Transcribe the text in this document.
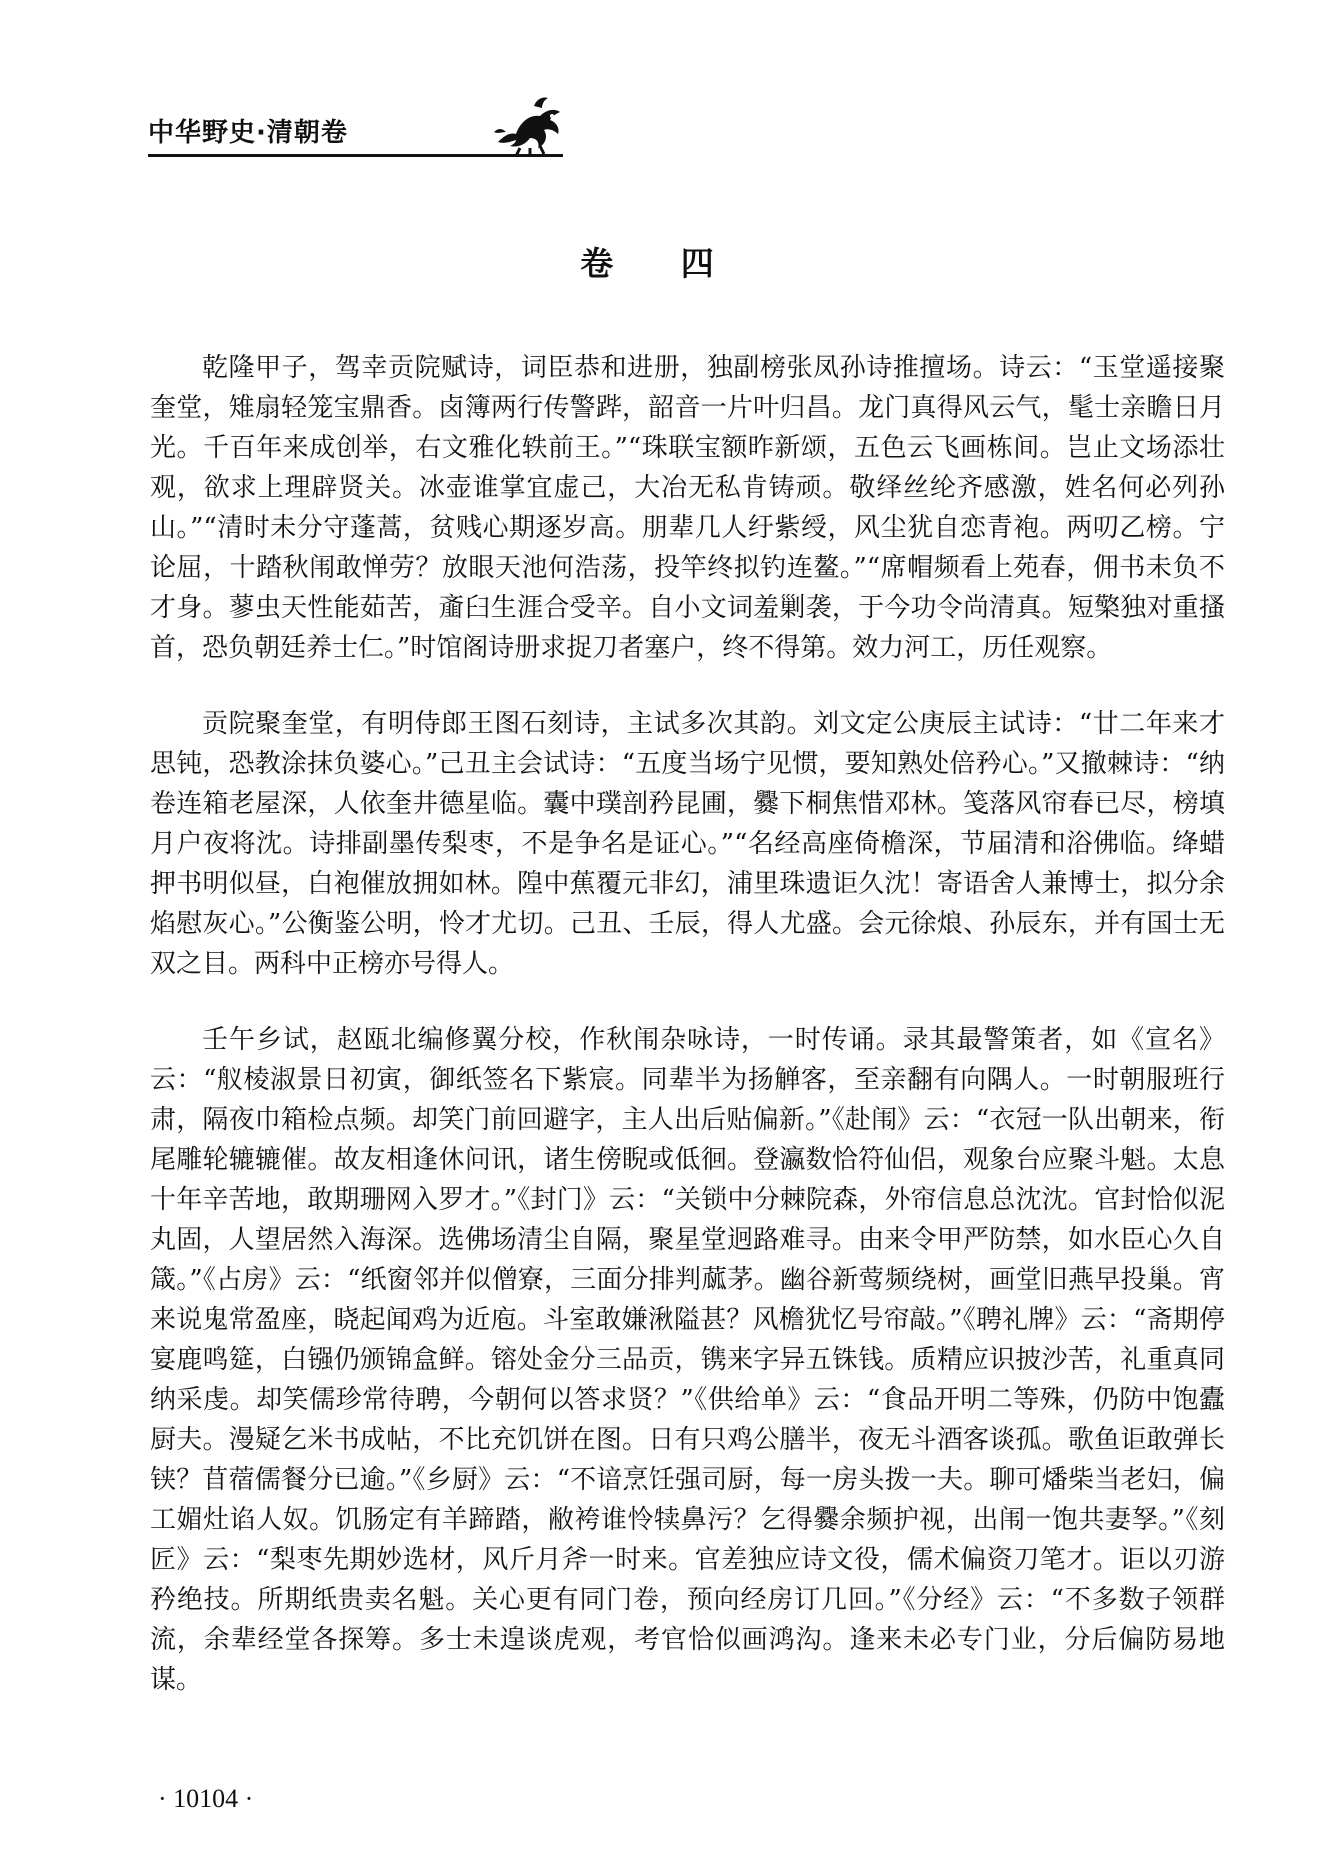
中华野史·清朝卷
卷 四

乾隆甲子，驾幸贡院赋诗，词臣恭和进册，独副榜张凤孙诗推擅场。诗云：“玉堂遥接聚奎堂，雉扇轻笼宝鼎香。卤簿两行传警跸，韶音一片叶归昌。龙门真得风云气，髦士亲瞻日月光。千百年来成创举，右文雅化轶前王。”“珠联宝额昨新颂，五色云飞画栋间。岂止文场添壮观，欲求上理辟贤关。冰壶谁掌宜虚己，大冶无私肯铸顽。敬绎丝纶齐感激，姓名何必列孙山。”“清时未分守蓬蒿，贫贱心期逐岁高。朋辈几人纡紫绶，风尘犹自恋青袍。两叨乙榜。宁论屈，十踏秋闱敢惮劳？放眼天池何浩荡，投竿终拟钓连鳌。”“席帽频看上苑春，佣书未负不才身。蓼虫天性能茹苦，齑臼生涯合受辛。自小文词羞剿袭，于今功令尚清真。短檠独对重搔首，恐负朝廷养士仁。”时馆阁诗册求捉刀者塞户，终不得第。效力河工，历任观察。

贡院聚奎堂，有明侍郎王图石刻诗，主试多次其韵。刘文定公庚辰主试诗：“廿二年来才思钝，恐教涂抹负婆心。”己丑主会试诗：“五度当场宁见惯，要知熟处倍矜心。”又撤棘诗：“纳卷连箱老屋深，人依奎井德星临。囊中璞剖矜昆圃，爨下桐焦惜邓林。笺落风帘春已尽，榜填月户夜将沈。诗排副墨传梨枣，不是争名是证心。”“名经高座倚檐深，节届清和浴佛临。绛蜡押书明似昼，白袍催放拥如林。隍中蕉覆元非幻，浦里珠遗讵久沈！寄语舍人兼博士，拟分余焰慰灰心。”公衡鉴公明，怜才尤切。己丑、壬辰，得人尤盛。会元徐烺、孙辰东，并有国士无双之目。两科中正榜亦号得人。

壬午乡试，赵瓯北编修翼分校，作秋闱杂咏诗，一时传诵。录其最警策者，如《宣名》云：“舣棱淑景日初寅，御纸签名下紫宸。同辈半为扬觯客，至亲翻有向隅人。一时朝服班行肃，隔夜巾箱检点频。却笑门前回避字，主人出后贴偏新。”《赴闱》云：“衣冠一队出朝来，衔尾雕轮辘辘催。故友相逢休问讯，诸生傍睨或低徊。登瀛数恰符仙侣，观象台应聚斗魁。太息十年辛苦地，敢期珊网入罗才。”《封门》云：“关锁中分棘院森，外帘信息总沈沈。官封恰似泥丸固，人望居然入海深。选佛场清尘自隔，聚星堂迥路难寻。由来令甲严防禁，如水臣心久自箴。”《占房》云：“纸窗邻并似僧寮，三面分排判蓏茅。幽谷新莺频绕树，画堂旧燕早投巢。宵来说鬼常盈座，晓起闻鸡为近庖。斗室敢嫌湫隘甚？风檐犹忆号帘敲。”《聘礼牌》云：“斋期停宴鹿鸣筵，白镪仍颁锦盒鲜。镕处金分三品贡，镌来字异五铢钱。质精应识披沙苦，礼重真同纳采虔。却笑儒珍常待聘，今朝何以答求贤？”《供给单》云：“食品开明二等殊，仍防中饱蠹厨夫。漫疑乞米书成帖，不比充饥饼在图。日有只鸡公膳半，夜无斗酒客谈孤。歌鱼讵敢弹长铗？苜蓿儒餐分已逾。”《乡厨》云：“不谙烹饪强司厨，每一房头拨一夫。聊可燔柴当老妇，偏工媚灶谄人奴。饥肠定有羊蹄踏，敝袴谁怜犊鼻污？乞得爨余频护视，出闱一饱共妻孥。”《刻匠》云：“梨枣先期妙选材，风斤月斧一时来。官差独应诗文役，儒术偏资刀笔才。讵以刃游矜绝技。所期纸贵卖名魁。关心更有同门卷，预向经房订几回。”《分经》云：“不多数子领群流，余辈经堂各探筹。多士未遑谈虎观，考官恰似画鸿沟。逢来未必专门业，分后偏防易地谋。

· 10104 ·
